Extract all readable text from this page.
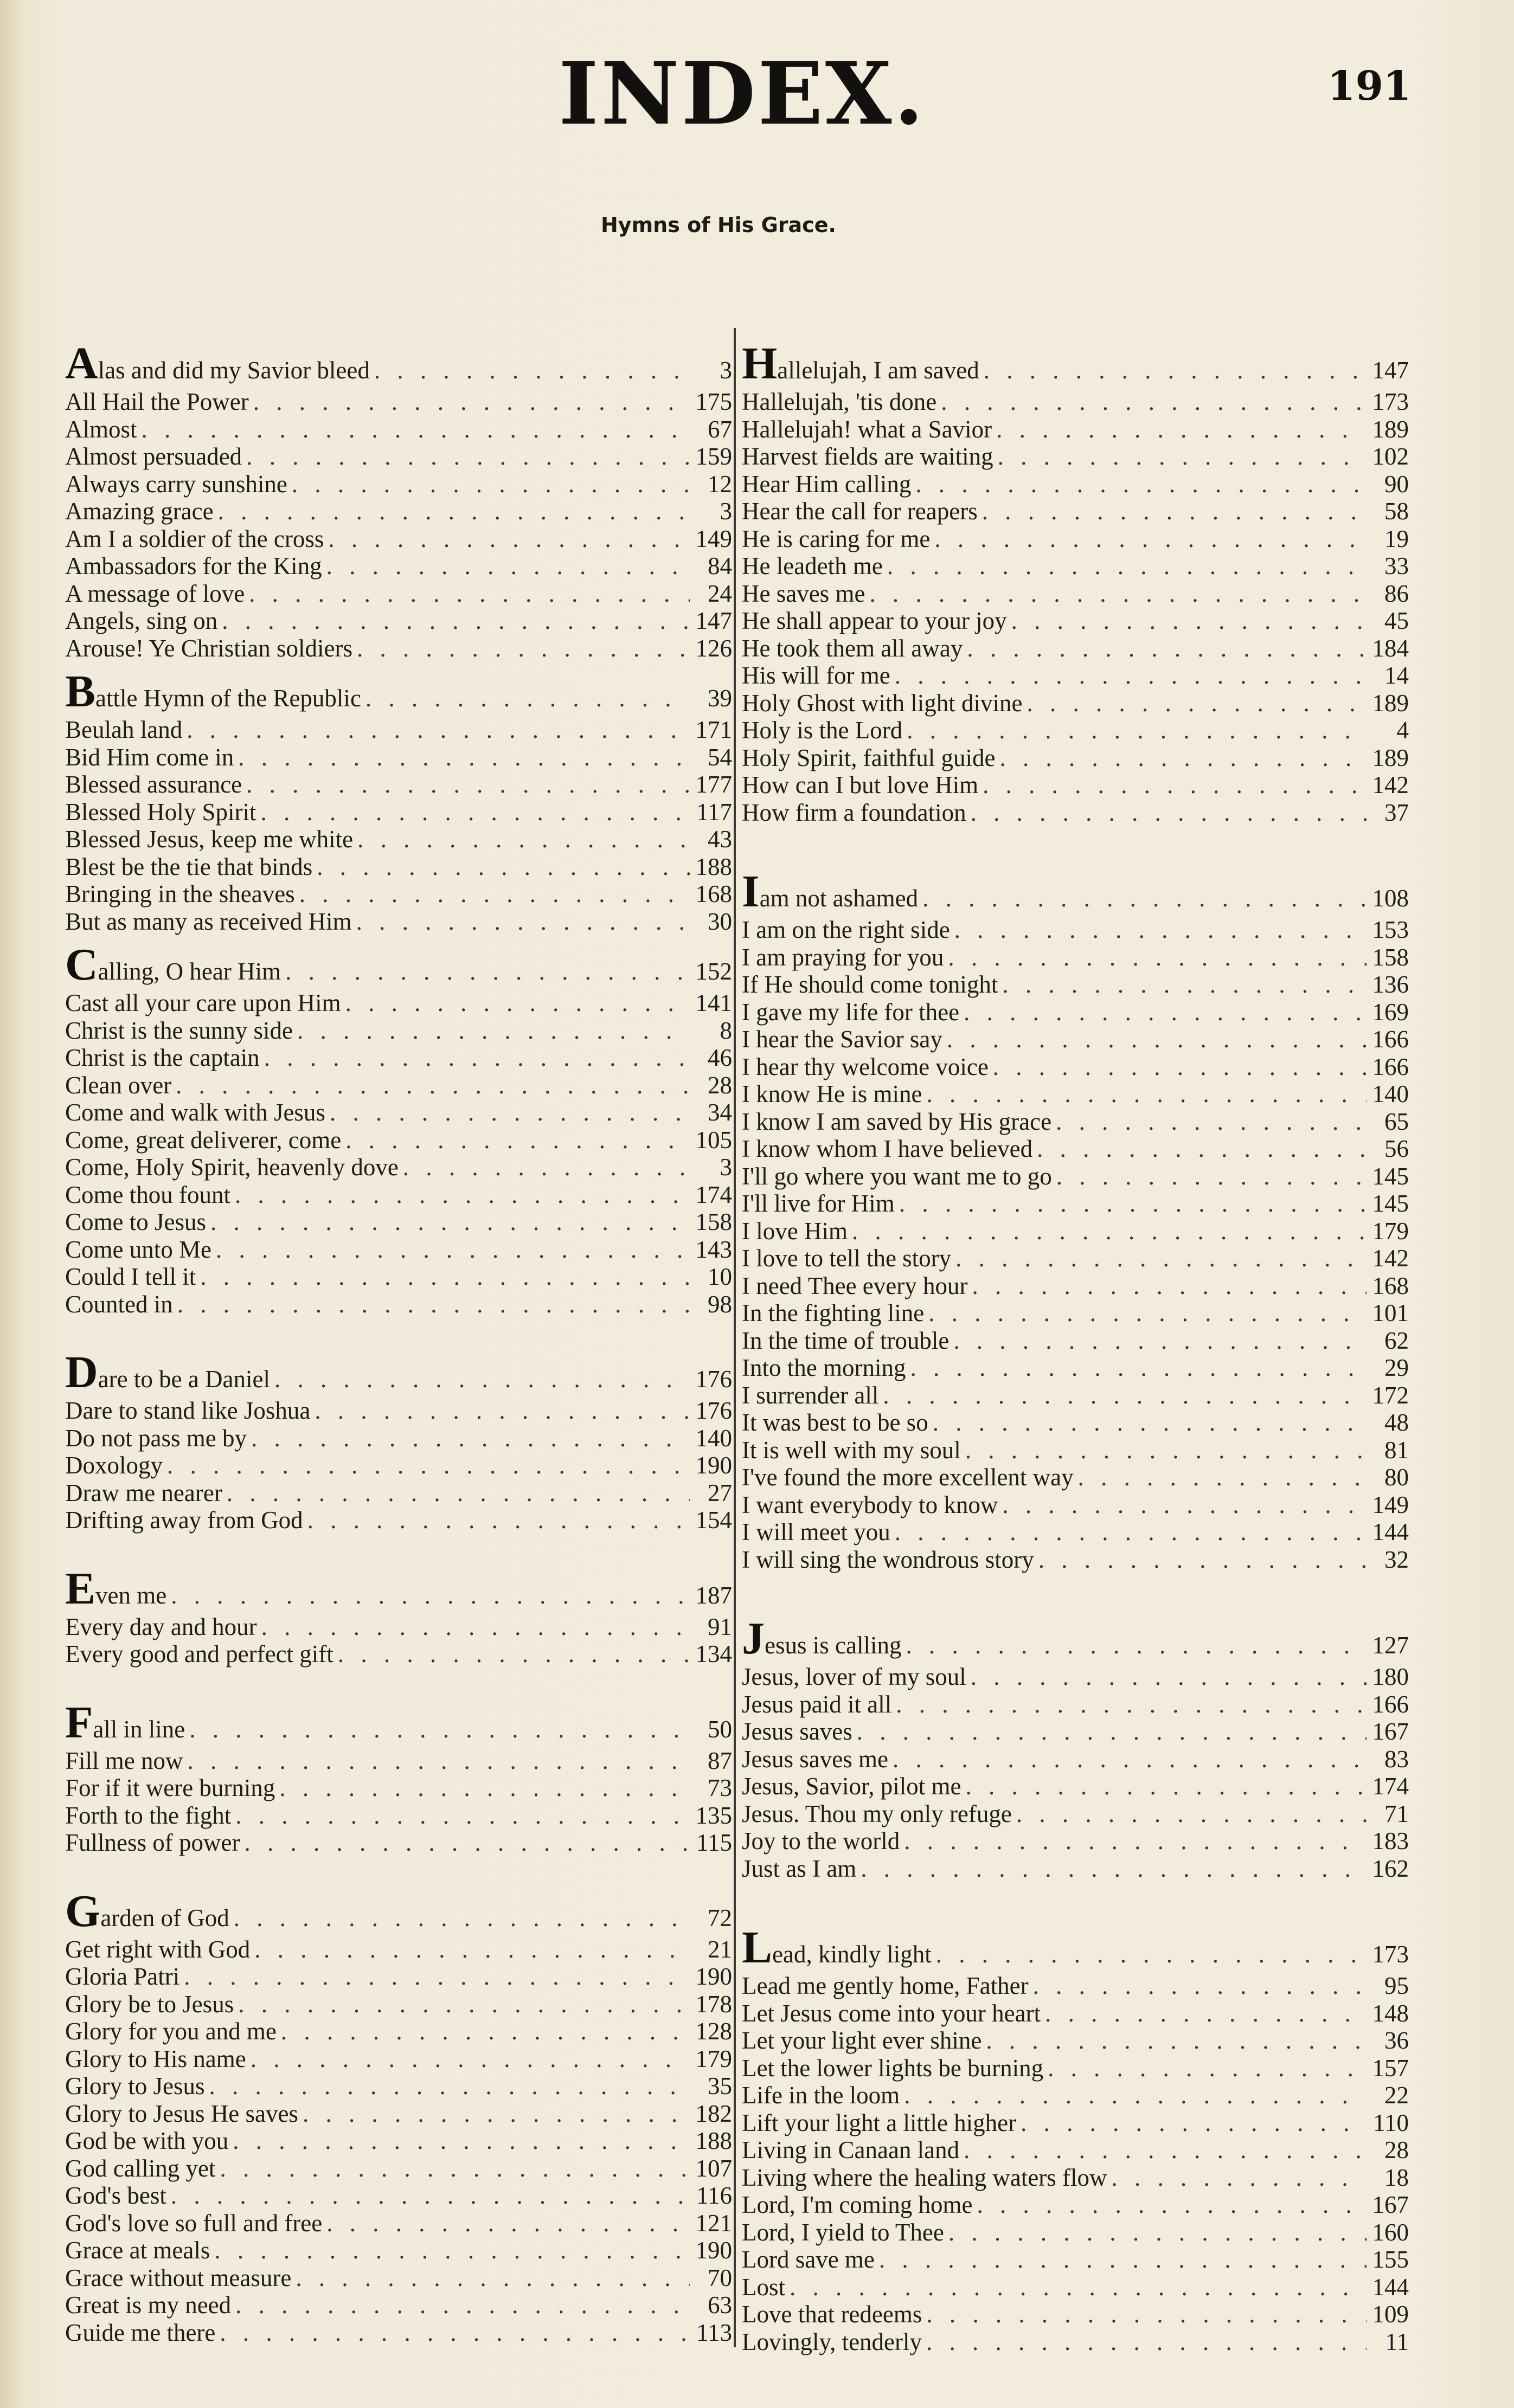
INDEX.	191
Hymns of His Grace.
Alas and did my Savior bleed . . .	3
All Hail the Power . . .	175
Almost . . .	67
Almost persuaded . . .	159
Always carry sunshine . . .	12
Amazing grace . . .	3
Am I a soldier of the cross . . .	149
Ambassadors for the King . . .	84
A message of love . . .	24
Angels, sing on . . .	147
Arouse! Ye Christian soldiers . . .	126
Battle Hymn of the Republic . . .	39
Beulah land . . .	171
Bid Him come in . . .	54
Blessed assurance . . .	177
Blessed Holy Spirit . . .	117
Blessed Jesus, keep me white . . .	43
Blest be the tie that binds . . .	188
Bringing in the sheaves . . .	168
But as many as received Him . . .	30
Calling, O hear Him . . .	152
Cast all your care upon Him . . .	141
Christ is the sunny side . . .	8
Christ is the captain . . .	46
Clean over . . .	28
Come and walk with Jesus . . .	34
Come, great deliverer, come . . .	105
Come, Holy Spirit, heavenly dove . . .	3
Come thou fount . . .	174
Come to Jesus . . .	158
Come unto Me . . .	143
Could I tell it . . .	10
Counted in . . .	98
Dare to be a Daniel . . .	176
Dare to stand like Joshua . . .	176
Do not pass me by . . .	140
Doxology . . .	190
Draw me nearer . . .	27
Drifting away from God . . .	154
Even me . . .	187
Every day and hour . . .	91
Every good and perfect gift . . .	134
Fall in line . . .	50
Fill me now . . .	87
For if it were burning . . .	73
Forth to the fight . . .	135
Fullness of power . . .	115
Garden of God . . .	72
Get right with God . . .	21
Gloria Patri . . .	190
Glory be to Jesus . . .	178
Glory for you and me . . .	128
Glory to His name . . .	179
Glory to Jesus . . .	35
Glory to Jesus He saves . . .	182
God be with you . . .	188
God calling yet . . .	107
God's best . . .	116
God's love so full and free . . .	121
Grace at meals . . .	190
Grace without measure . . .	70
Great is my need . . .	63
Guide me there . . .	113
Hallelujah, I am saved . . .	147
Hallelujah, 'tis done . . .	173
Hallelujah! what a Savior . . .	189
Harvest fields are waiting . . .	102
Hear Him calling . . .	90
Hear the call for reapers . . .	58
He is caring for me . . .	19
He leadeth me . . .	33
He saves me . . .	86
He shall appear to your joy . . .	45
He took them all away . . .	184
His will for me . . .	14
Holy Ghost with light divine . . .	189
Holy is the Lord . . .	4
Holy Spirit, faithful guide . . .	189
How can I but love Him . . .	142
How firm a foundation . . .	37
Iam not ashamed . . .	108
I am on the right side . . .	153
I am praying for you . . .	158
If He should come tonight . . .	136
I gave my life for thee . . .	169
I hear the Savior say . . .	166
I hear thy welcome voice . . .	166
I know He is mine . . .	140
I know I am saved by His grace . . .	65
I know whom I have believed . . .	56
I'll go where you want me to go . . .	145
I'll live for Him . . .	145
I love Him . . .	179
I love to tell the story . . .	142
I need Thee every hour . . .	168
In the fighting line . . .	101
In the time of trouble . . .	62
Into the morning . . .	29
I surrender all . . .	172
It was best to be so . . .	48
It is well with my soul . . .	81
I've found the more excellent way . . .	80
I want everybody to know . . .	149
I will meet you . . .	144
I will sing the wondrous story . . .	32
Jesus is calling . . .	127
Jesus, lover of my soul . . .	180
Jesus paid it all . . .	166
Jesus saves . . .	167
Jesus saves me . . .	83
Jesus, Savior, pilot me . . .	174
Jesus. Thou my only refuge . . .	71
Joy to the world . . .	183
Just as I am . . .	162
Lead, kindly light . . .	173
Lead me gently home, Father . . .	95
Let Jesus come into your heart . . .	148
Let your light ever shine . . .	36
Let the lower lights be burning . . .	157
Life in the loom . . .	22
Lift your light a little higher . . .	110
Living in Canaan land . . .	28
Living where the healing waters flow . . .	18
Lord, I'm coming home . . .	167
Lord, I yield to Thee . . .	160
Lord save me . . .	155
Lost . . .	144
Love that redeems . . .	109
Lovingly, tenderly . . .	11
